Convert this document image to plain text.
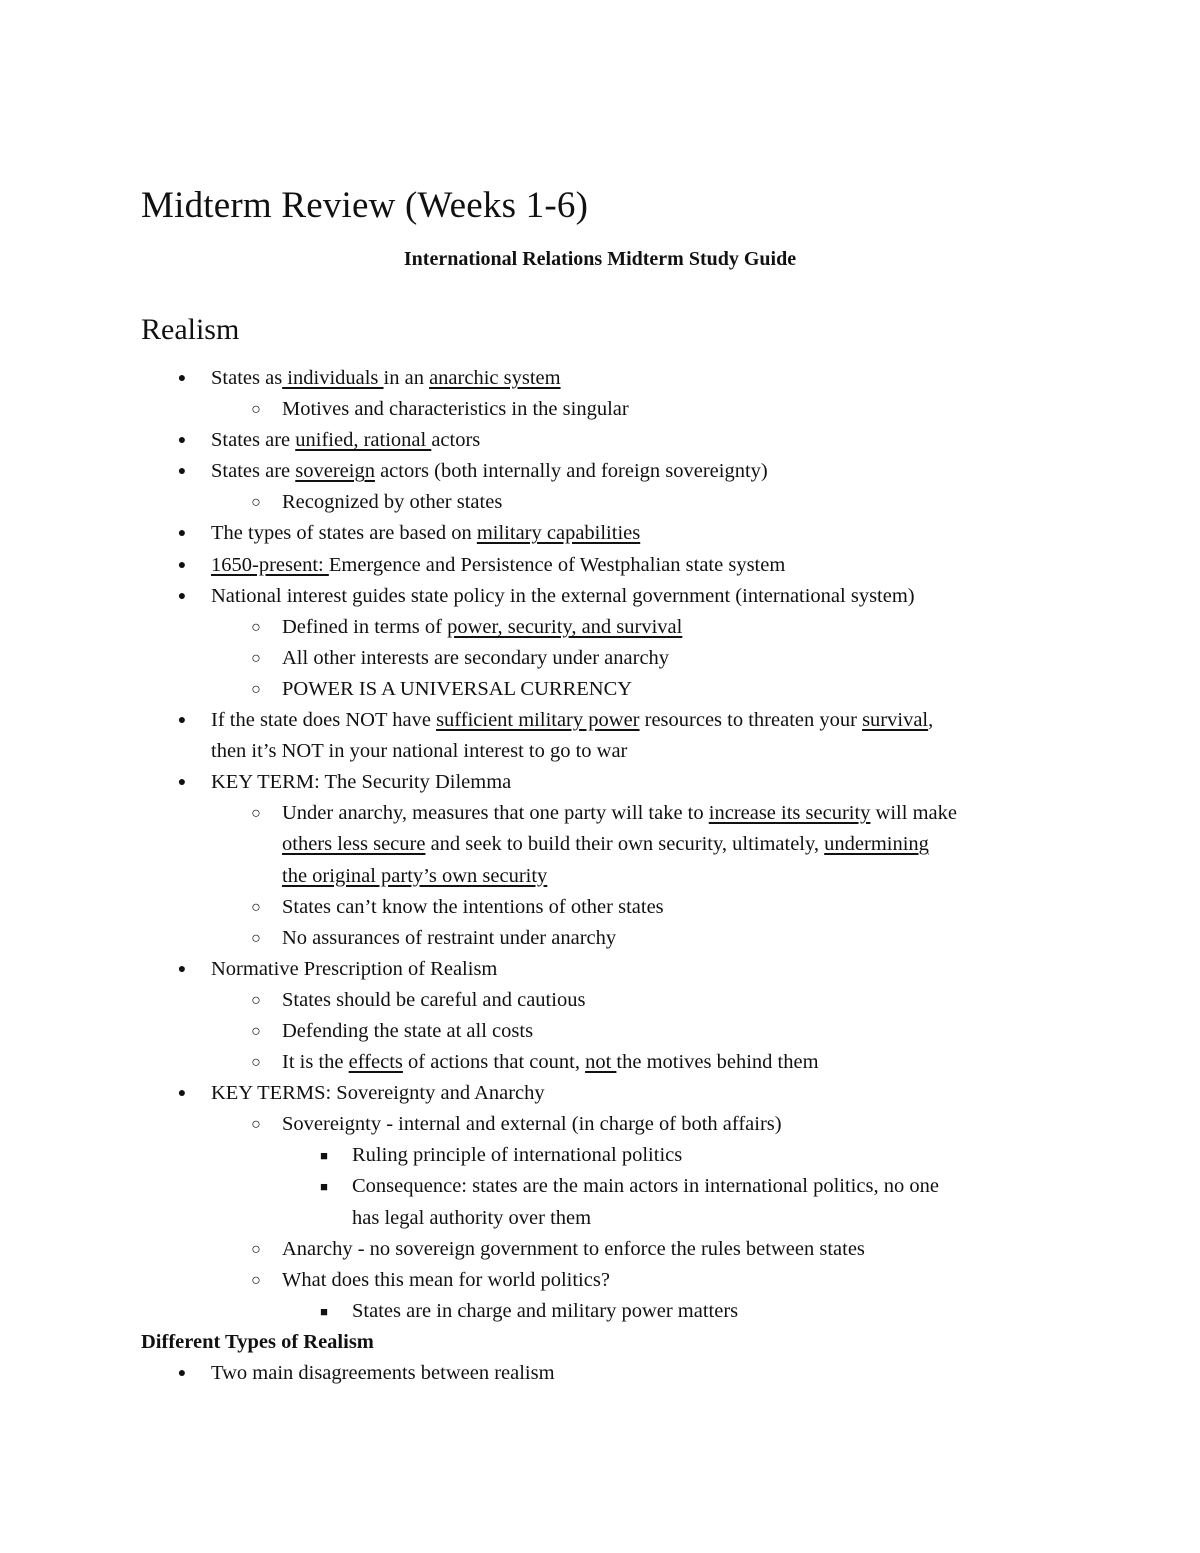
Midterm Review (Weeks 1-6)
International Relations Midterm Study Guide
Realism
● States as individuals in an anarchic system
○ Motives and characteristics in the singular
● States are unified, rational actors
● States are sovereign actors (both internally and foreign sovereignty)
○ Recognized by other states
● The types of states are based on military capabilities
● 1650-present: Emergence and Persistence of Westphalian state system
● National interest guides state policy in the external government (international system)
○ Defined in terms of power, security, and survival
○ All other interests are secondary under anarchy
○ POWER IS A UNIVERSAL CURRENCY
● If the state does NOT have sufficient military power resources to threaten your survival,
then it’s NOT in your national interest to go to war
● KEY TERM: The Security Dilemma
○ Under anarchy, measures that one party will take to increase its security will make
others less secure and seek to build their own security, ultimately, undermining
the original party’s own security
○ States can’t know the intentions of other states
○ No assurances of restraint under anarchy
● Normative Prescription of Realism
○ States should be careful and cautious
○ Defending the state at all costs
○ It is the effects of actions that count, not the motives behind them
● KEY TERMS: Sovereignty and Anarchy
○ Sovereignty - internal and external (in charge of both affairs)
■ Ruling principle of international politics
■ Consequence: states are the main actors in international politics, no one
has legal authority over them
○ Anarchy - no sovereign government to enforce the rules between states
○ What does this mean for world politics?
■ States are in charge and military power matters
Different Types of Realism
● Two main disagreements between realism
